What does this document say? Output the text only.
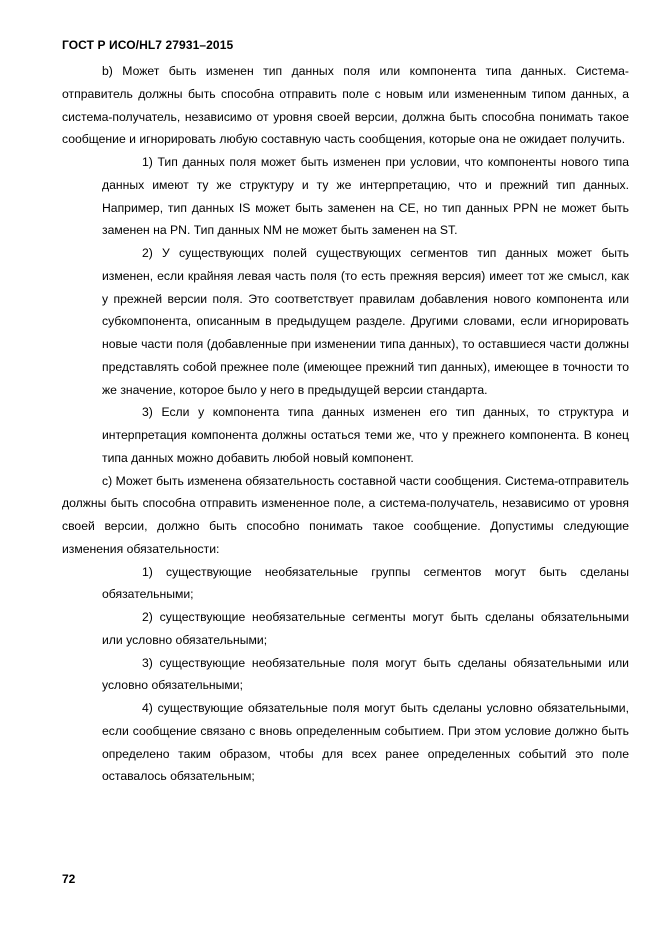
ГОСТ Р ИСО/HL7 27931–2015

b) Может быть изменен тип данных поля или компонента типа данных. Система-отправитель должны быть способна отправить поле с новым или измененным типом данных, а система-получатель, независимо от уровня своей версии, должна быть способна понимать такое сообщение и игнорировать любую составную часть сообщения, которые она не ожидает получить.

1) Тип данных поля может быть изменен при условии, что компоненты нового типа данных имеют ту же структуру и ту же интерпретацию, что и прежний тип данных. Например, тип данных IS может быть заменен на CE, но тип данных PPN не может быть заменен на PN. Тип данных NM не может быть заменен на ST.

2) У существующих полей существующих сегментов тип данных может быть изменен, если крайняя левая часть поля (то есть прежняя версия) имеет тот же смысл, как у прежней версии поля. Это соответствует правилам добавления нового компонента или субкомпонента, описанным в предыдущем разделе. Другими словами, если игнорировать новые части поля (добавленные при изменении типа данных), то оставшиеся части должны представлять собой прежнее поле (имеющее прежний тип данных), имеющее в точности то же значение, которое было у него в предыдущей версии стандарта.

3) Если у компонента типа данных изменен его тип данных, то структура и интерпретация компонента должны остаться теми же, что у прежнего компонента. В конец типа данных можно добавить любой новый компонент.

c) Может быть изменена обязательность составной части сообщения. Система-отправитель должны быть способна отправить измененное поле, а система-получатель, независимо от уровня своей версии, должно быть способно понимать такое сообщение. Допустимы следующие изменения обязательности:

1) существующие необязательные группы сегментов могут быть сделаны обязательными;

2) существующие необязательные сегменты могут быть сделаны обязательными или условно обязательными;

3) существующие необязательные поля могут быть сделаны обязательными или условно обязательными;

4) существующие обязательные поля могут быть сделаны условно обязательными, если сообщение связано с вновь определенным событием. При этом условие должно быть определено таким образом, чтобы для всех ранее определенных событий это поле оставалось обязательным;

72
